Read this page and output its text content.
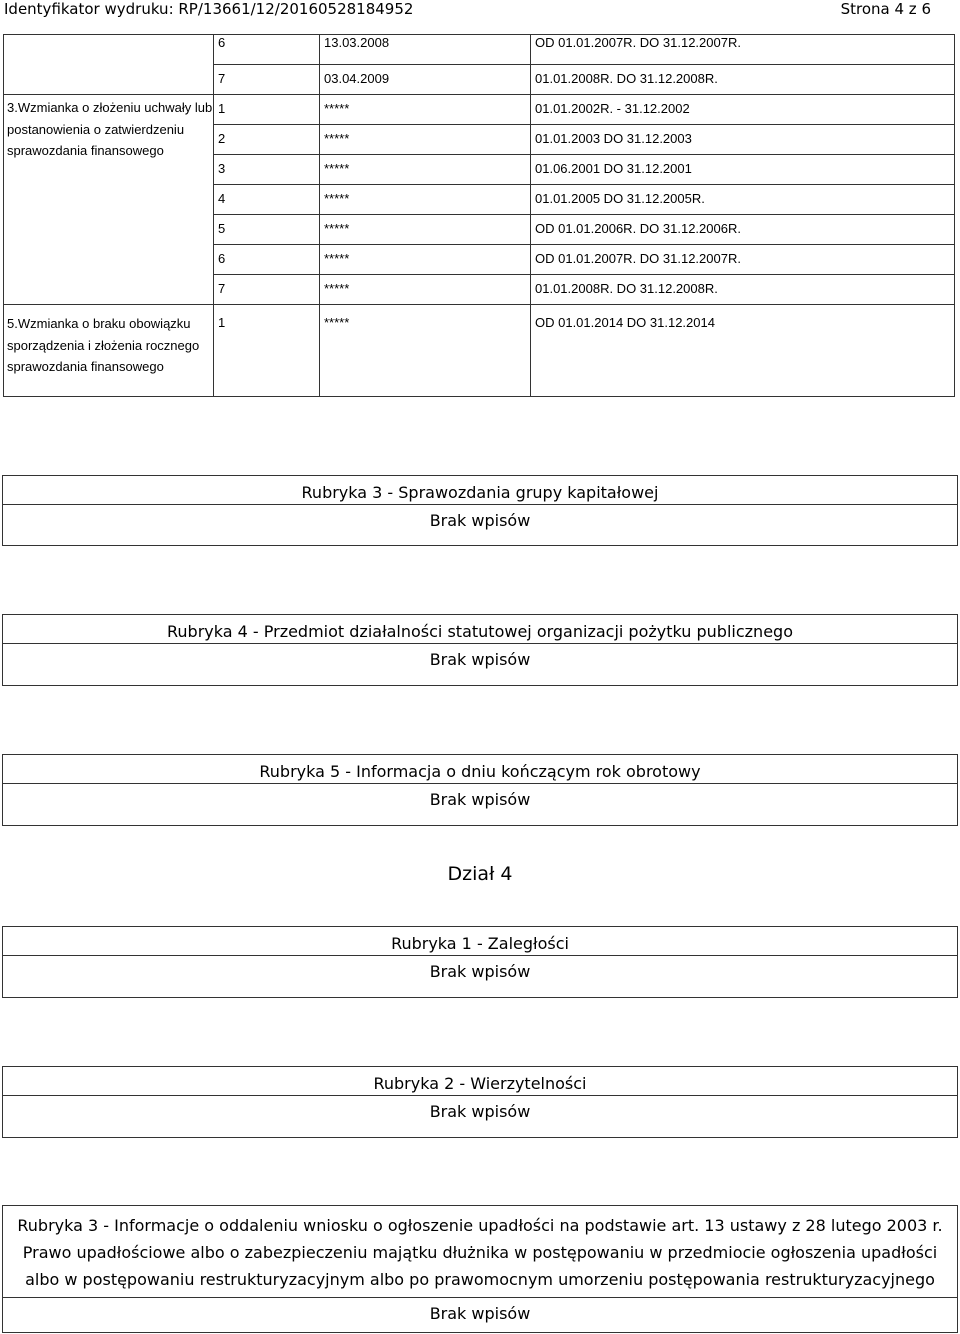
Identyfikator wydruku: RP/13661/12/20160528184952	Strona 4 z 6
	6	13.03.2008	OD 01.01.2007R. DO 31.12.2007R.
	7	03.04.2009	01.01.2008R. DO 31.12.2008R.
3.Wzmianka o złożeniu uchwały lub postanowienia o zatwierdzeniu sprawozdania finansowego	1	*****	01.01.2002R. - 31.12.2002
	2	*****	01.01.2003 DO 31.12.2003
	3	*****	01.06.2001 DO 31.12.2001
	4	*****	01.01.2005 DO 31.12.2005R.
	5	*****	OD 01.01.2006R. DO 31.12.2006R.
	6	*****	OD 01.01.2007R. DO 31.12.2007R.
	7	*****	01.01.2008R. DO 31.12.2008R.
5.Wzmianka o braku obowiązku sporządzenia i złożenia rocznego sprawozdania finansowego	1	*****	OD 01.01.2014 DO 31.12.2014
Rubryka 3 - Sprawozdania grupy kapitałowej
Brak wpisów
Rubryka 4 - Przedmiot działalności statutowej organizacji pożytku publicznego
Brak wpisów
Rubryka 5 - Informacja o dniu kończącym rok obrotowy
Brak wpisów
Dział 4
Rubryka 1 - Zaległości
Brak wpisów
Rubryka 2 - Wierzytelności
Brak wpisów
Rubryka 3 - Informacje o oddaleniu wniosku o ogłoszenie upadłości na podstawie art. 13 ustawy z 28 lutego 2003 r. Prawo upadłościowe albo o zabezpieczeniu majątku dłużnika w postępowaniu w przedmiocie ogłoszenia upadłości albo w postępowaniu restrukturyzacyjnym albo po prawomocnym umorzeniu postępowania restrukturyzacyjnego
Brak wpisów
